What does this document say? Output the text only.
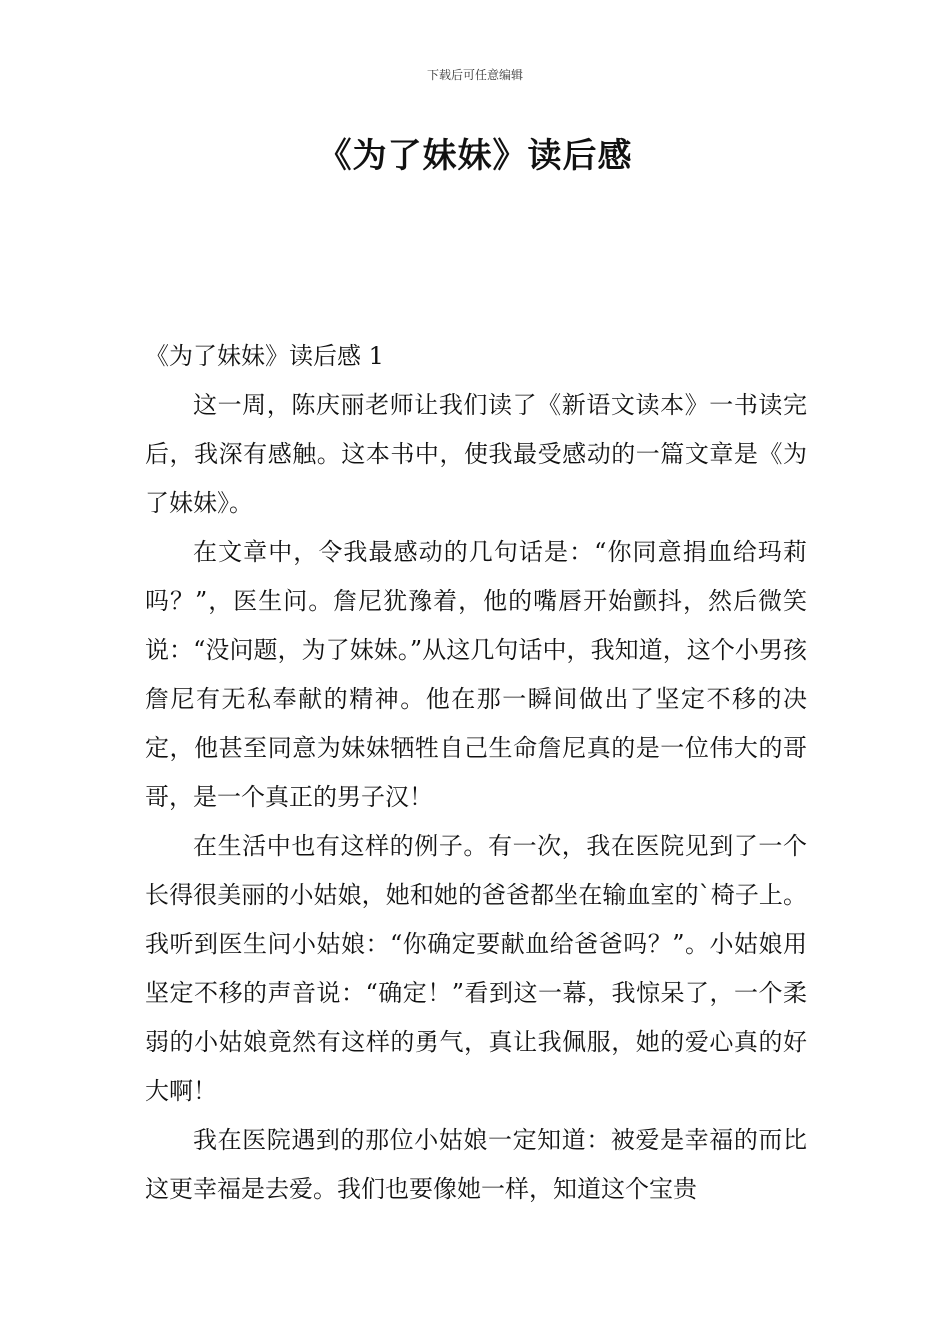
下载后可任意编辑
《为了妹妹》读后感

《为了妹妹》读后感 1

这一周，陈庆丽老师让我们读了《新语文读本》一书读完后，我深有感触。这本书中，使我最受感动的一篇文章是《为了妹妹》。

在文章中，令我最感动的几句话是：“你同意捐血给玛莉吗？”，医生问。詹尼犹豫着，他的嘴唇开始颤抖，然后微笑说：“没问题，为了妹妹。”从这几句话中，我知道，这个小男孩詹尼有无私奉献的精神。他在那一瞬间做出了坚定不移的决定，他甚至同意为妹妹牺牲自己生命詹尼真的是一位伟大的哥哥，是一个真正的男子汉！

在生活中也有这样的例子。有一次，我在医院见到了一个长得很美丽的小姑娘，她和她的爸爸都坐在输血室的`椅子上。我听到医生问小姑娘：“你确定要献血给爸爸吗？”。小姑娘用坚定不移的声音说：“确定！”看到这一幕，我惊呆了，一个柔弱的小姑娘竟然有这样的勇气，真让我佩服，她的爱心真的好大啊！

我在医院遇到的那位小姑娘一定知道：被爱是幸福的而比这更幸福是去爱。我们也要像她一样，知道这个宝贵
